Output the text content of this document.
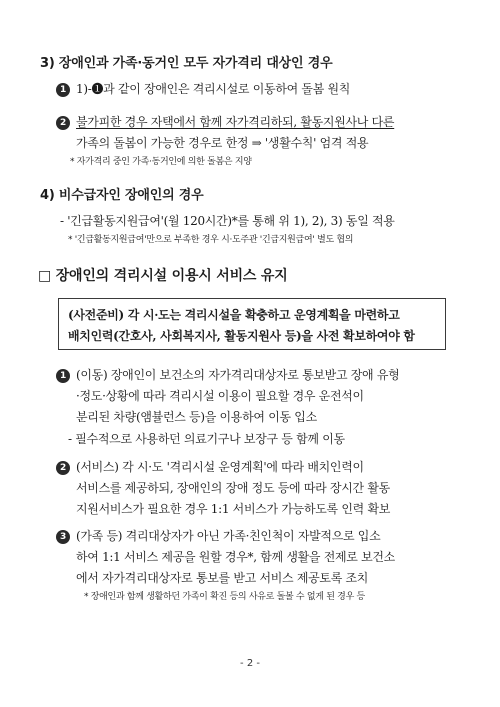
3) 장애인과 가족·동거인 모두 자가격리 대상인 경우
1 1)-❶과 같이 장애인은 격리시설로 이동하여 돌봄 원칙
2 불가피한 경우 자택에서 함께 자가격리하되, 활동지원사나 다른
가족의 돌봄이 가능한 경우로 한정 ⇒ '생활수칙' 엄격 적용
* 자가격리 중인 가족·동거인에 의한 돌봄은 지양
4) 비수급자인 장애인의 경우
- '긴급활동지원급여'(월 120시간)*를 통해 위 1), 2), 3) 동일 적용
* '긴급활동지원급여'만으로 부족한 경우 시·도주관 '긴급지원급여' 별도 협의
□ 장애인의 격리시설 이용시 서비스 유지
(사전준비) 각 시·도는 격리시설을 확충하고 운영계획을 마련하고
배치인력(간호사, 사회복지사, 활동지원사 등)을 사전 확보하여야 함
1 (이동) 장애인이 보건소의 자가격리대상자로 통보받고 장애 유형
·정도·상황에 따라 격리시설 이용이 필요할 경우 운전석이
분리된 차량(앰뷸런스 등)을 이용하여 이동 입소
- 필수적으로 사용하던 의료기구나 보장구 등 함께 이동
2 (서비스) 각 시·도 '격리시설 운영계획'에 따라 배치인력이
서비스를 제공하되, 장애인의 장애 정도 등에 따라 장시간 활동
지원서비스가 필요한 경우 1:1 서비스가 가능하도록 인력 확보
3 (가족 등) 격리대상자가 아닌 가족·친인척이 자발적으로 입소
하여 1:1 서비스 제공을 원할 경우*, 함께 생활을 전제로 보건소
에서 자가격리대상자로 통보를 받고 서비스 제공토록 조치
* 장애인과 함께 생활하던 가족이 확진 등의 사유로 돌볼 수 없게 된 경우 등
- 2 -
